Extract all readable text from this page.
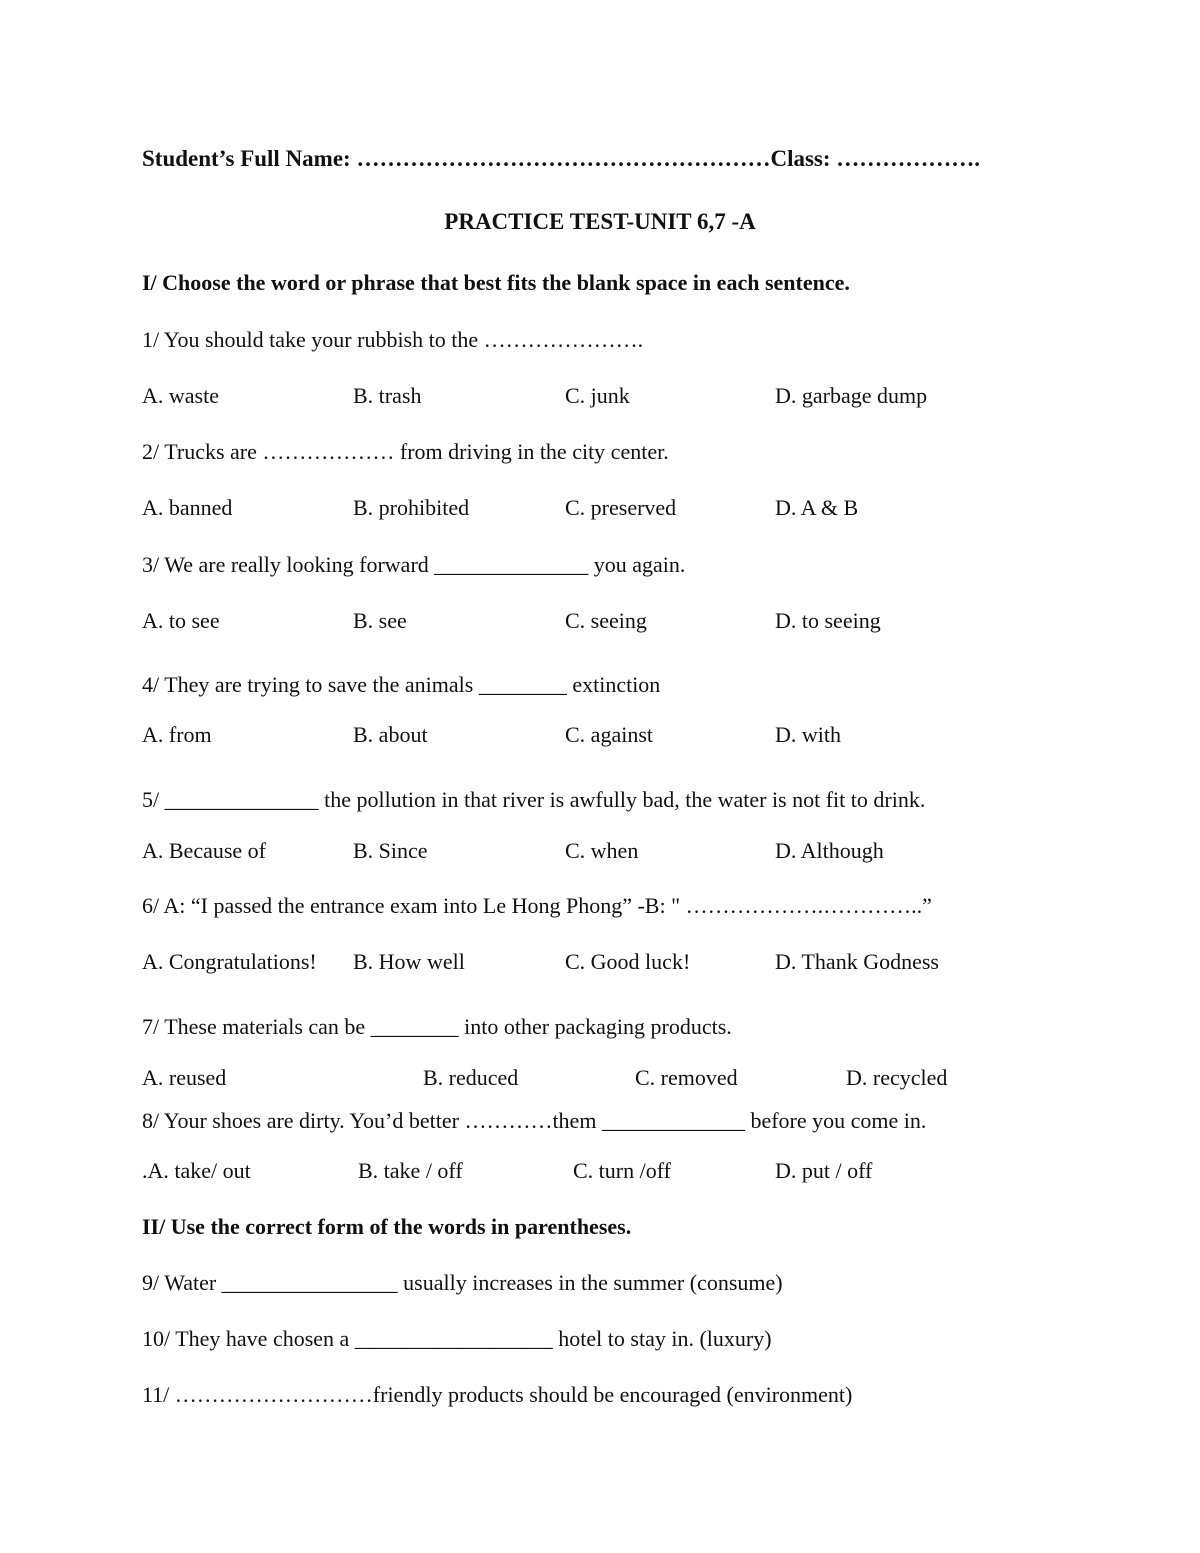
Student’s Full Name: ………………………………………………Class: ……………….
PRACTICE TEST-UNIT 6,7 -A
I/ Choose the word or phrase that best fits the blank space in each sentence.
1/ You should take your rubbish to the ………………….
A. waste	B. trash	C. junk	D. garbage dump
2/ Trucks are ……………… from driving in the city center.
A. banned	B. prohibited	C. preserved	D. A & B
3/ We are really looking forward ______________ you again.
A. to see	B. see	C. seeing	D. to seeing
4/ They are trying to save the animals ________ extinction
A. from	B. about	C. against	D. with
5/ ______________ the pollution in that river is awfully bad, the water is not fit to drink.
A. Because of	B. Since	C. when	D. Although
6/ A: “I passed the entrance exam into Le Hong Phong” -B: " ……………….…………..”
A. Congratulations! B. How well	C. Good luck!	D. Thank Godness
7/ These materials can be ________ into other packaging products.
A. reused	B. reduced	C. removed	D. recycled
8/ Your shoes are dirty. You’d better …………them _____________ before you come in.
.A. take/ out	B. take / off	C. turn /off	D. put / off
II/ Use the correct form of the words in parentheses.
9/ Water ________________ usually increases in the summer (consume)
10/ They have chosen a __________________ hotel to stay in. (luxury)
11/ ………………………friendly products should be encouraged (environment)
